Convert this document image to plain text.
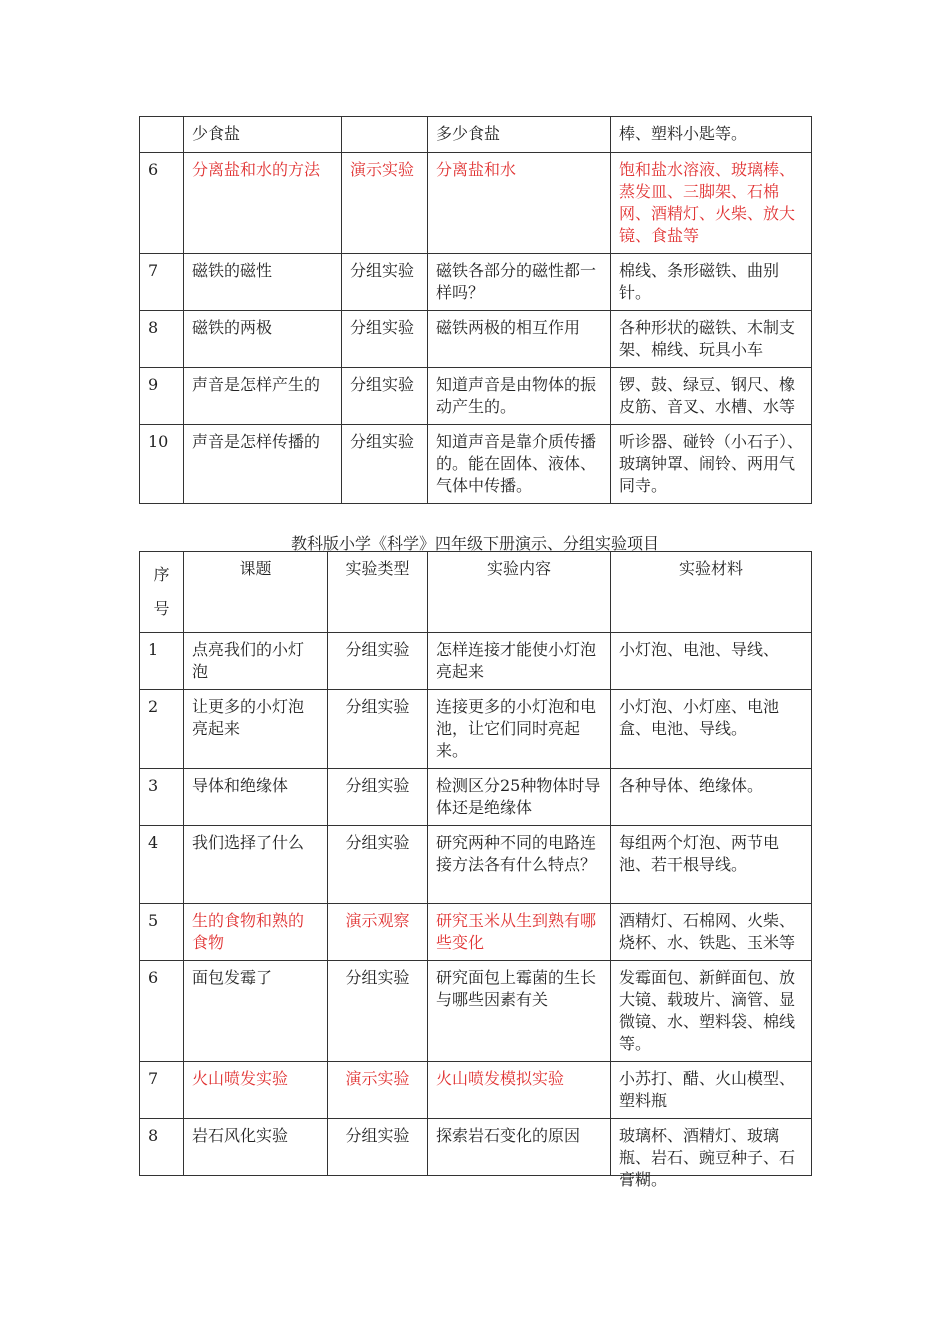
	少食盐		多少食盐	棒、塑料小匙等。
6	分离盐和水的方法	演示实验	分离盐和水	饱和盐水溶液、玻璃棒、蒸发皿、三脚架、石棉网、酒精灯、火柴、放大镜、食盐等
7	磁铁的磁性	分组实验	磁铁各部分的磁性都一样吗？	棉线、条形磁铁、曲别针。
8	磁铁的两极	分组实验	磁铁两极的相互作用	各种形状的磁铁、木制支架、棉线、玩具小车

9	声音是怎样产生的	分组实验	知道声音是由物体的振动产生的。	锣、鼓、绿豆、钢尺、橡皮筋、音叉、水槽、水等

10	声音是怎样传播的	分组实验	知道声音是靠介质传播的。能在固体、液体、气体中传播。	听诊器、碰铃（小石子）、玻璃钟罩、闹铃、两用气同寺。
教科版小学《科学》四年级下册演示、分组实验项目
序号	课题	实验类型	实验内容	实验材料
1	点亮我们的小灯泡	分组实验	怎样连接才能使小灯泡亮起来	小灯泡、电池、导线、
2	让更多的小灯泡亮起来	分组实验	连接更多的小灯泡和电池，让它们同时亮起来。	小灯泡、小灯座、电池盒、电池、导线。
3	导体和绝缘体	分组实验	检测区分25种物体时导体还是绝缘体	各种导体、绝缘体。
4	我们选择了什么	分组实验	研究两种不同的电路连接方法各有什么特点？	每组两个灯泡、两节电池、若干根导线。
5	生的食物和熟的食物	演示观察	研究玉米从生到熟有哪些变化	酒精灯、石棉网、火柴、烧杯、水、铁匙、玉米等

6	面包发霉了	分组实验	研究面包上霉菌的生长与哪些因素有关	发霉面包、新鲜面包、放大镜、载玻片、滴管、显微镜、水、塑料袋、棉线等。
7	火山喷发实验	演示实验	火山喷发模拟实验	小苏打、醋、火山模型、塑料瓶
8	岩石风化实验	分组实验	探索岩石变化的原因	玻璃杯、酒精灯、玻璃瓶、岩石、豌豆种子、石膏糊。
